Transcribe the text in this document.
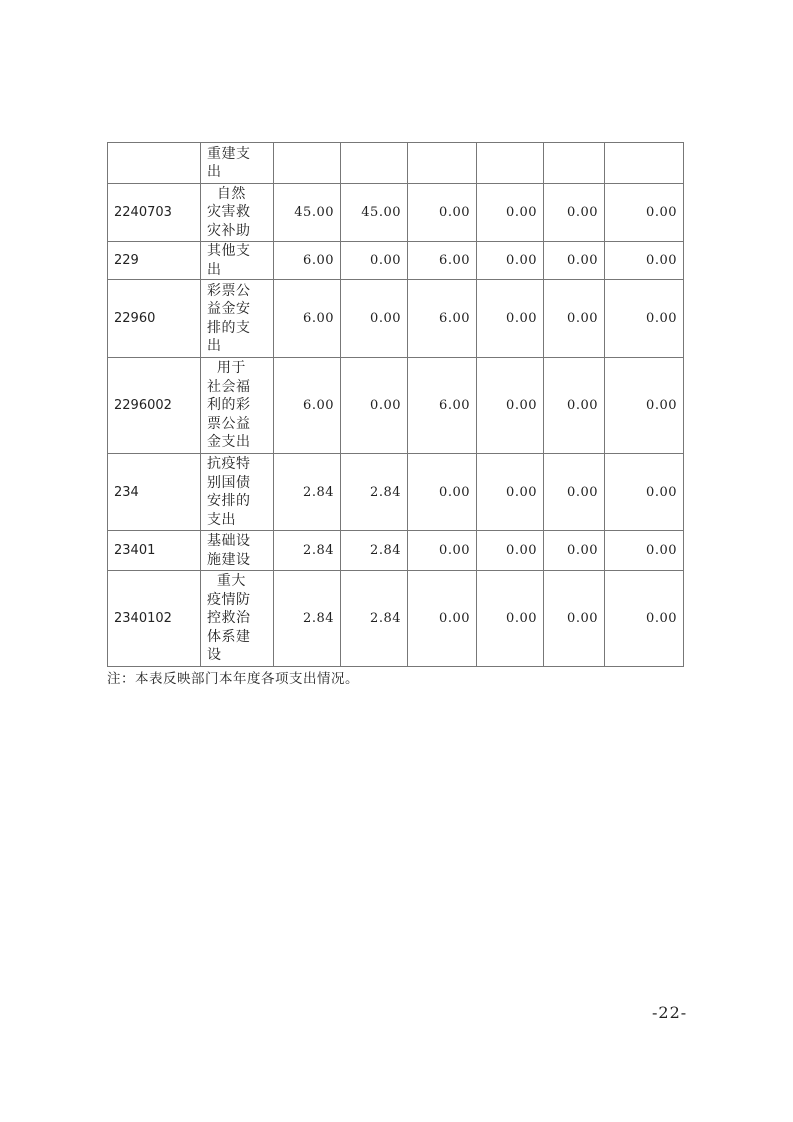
	重建支
出						

2240703	自然
灾害救
灾补助	45.00	45.00	0.00	0.00	0.00	0.00
229	其他支
出	6.00	0.00	6.00	0.00	0.00	0.00
22960	彩票公
益金安
排的支
出	6.00	0.00	6.00	0.00	0.00	0.00
2296002	用于
社会福
利的彩
票公益
金支出	6.00	0.00	6.00	0.00	0.00	0.00
234	抗疫特
别国债
安排的
支出	2.84	2.84	0.00	0.00	0.00	0.00
23401	基础设
施建设	2.84	2.84	0.00	0.00	0.00	0.00
2340102	重大
疫情防
控救治
体系建
设	2.84	2.84	0.00	0.00	0.00	0.00
注：本表反映部门本年度各项支出情况。
-22-
